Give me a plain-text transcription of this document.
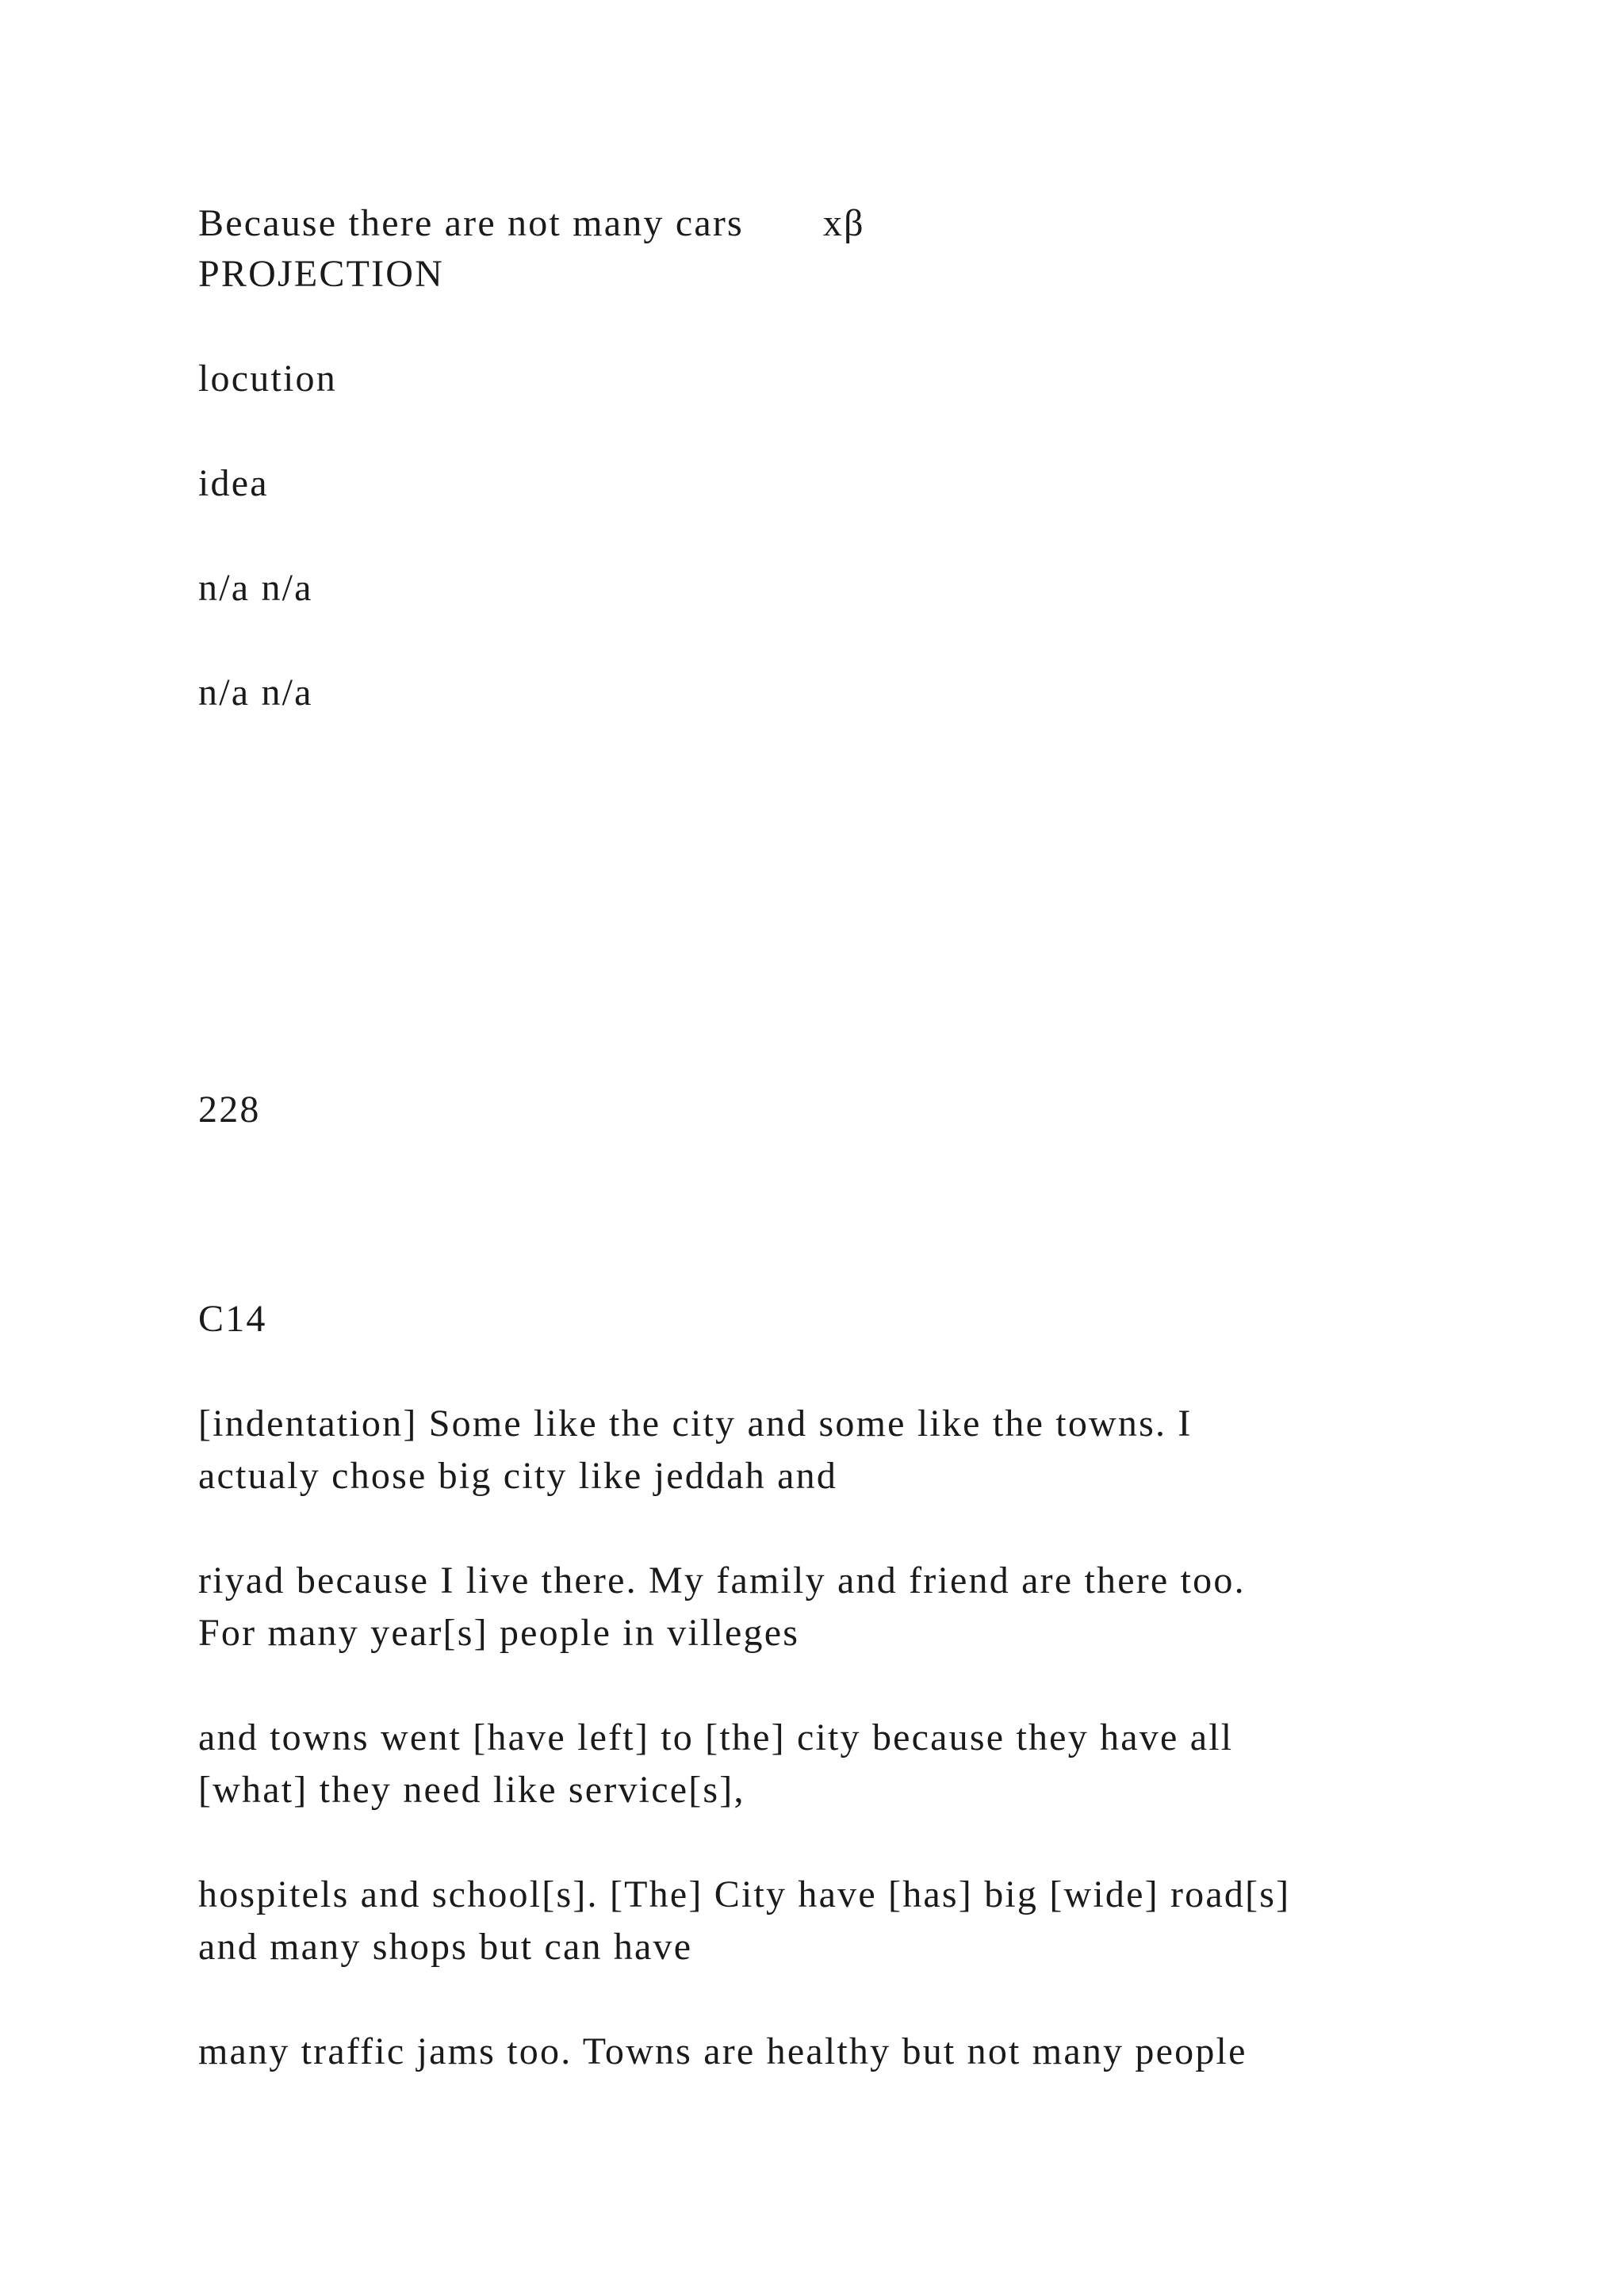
Because there are not many cars xβ

PROJECTION

locution

idea

n/a n/a

n/a n/a

228

C14

[indentation] Some like the city and some like the towns. I

actualy chose big city like jeddah and

riyad because I live there. My family and friend are there too.

For many year[s] people in villeges

and towns went [have left] to [the] city because they have all

[what] they need like service[s],

hospitels and school[s]. [The] City have [has] big [wide] road[s]

and many shops but can have

many traffic jams too. Towns are healthy but not many people
